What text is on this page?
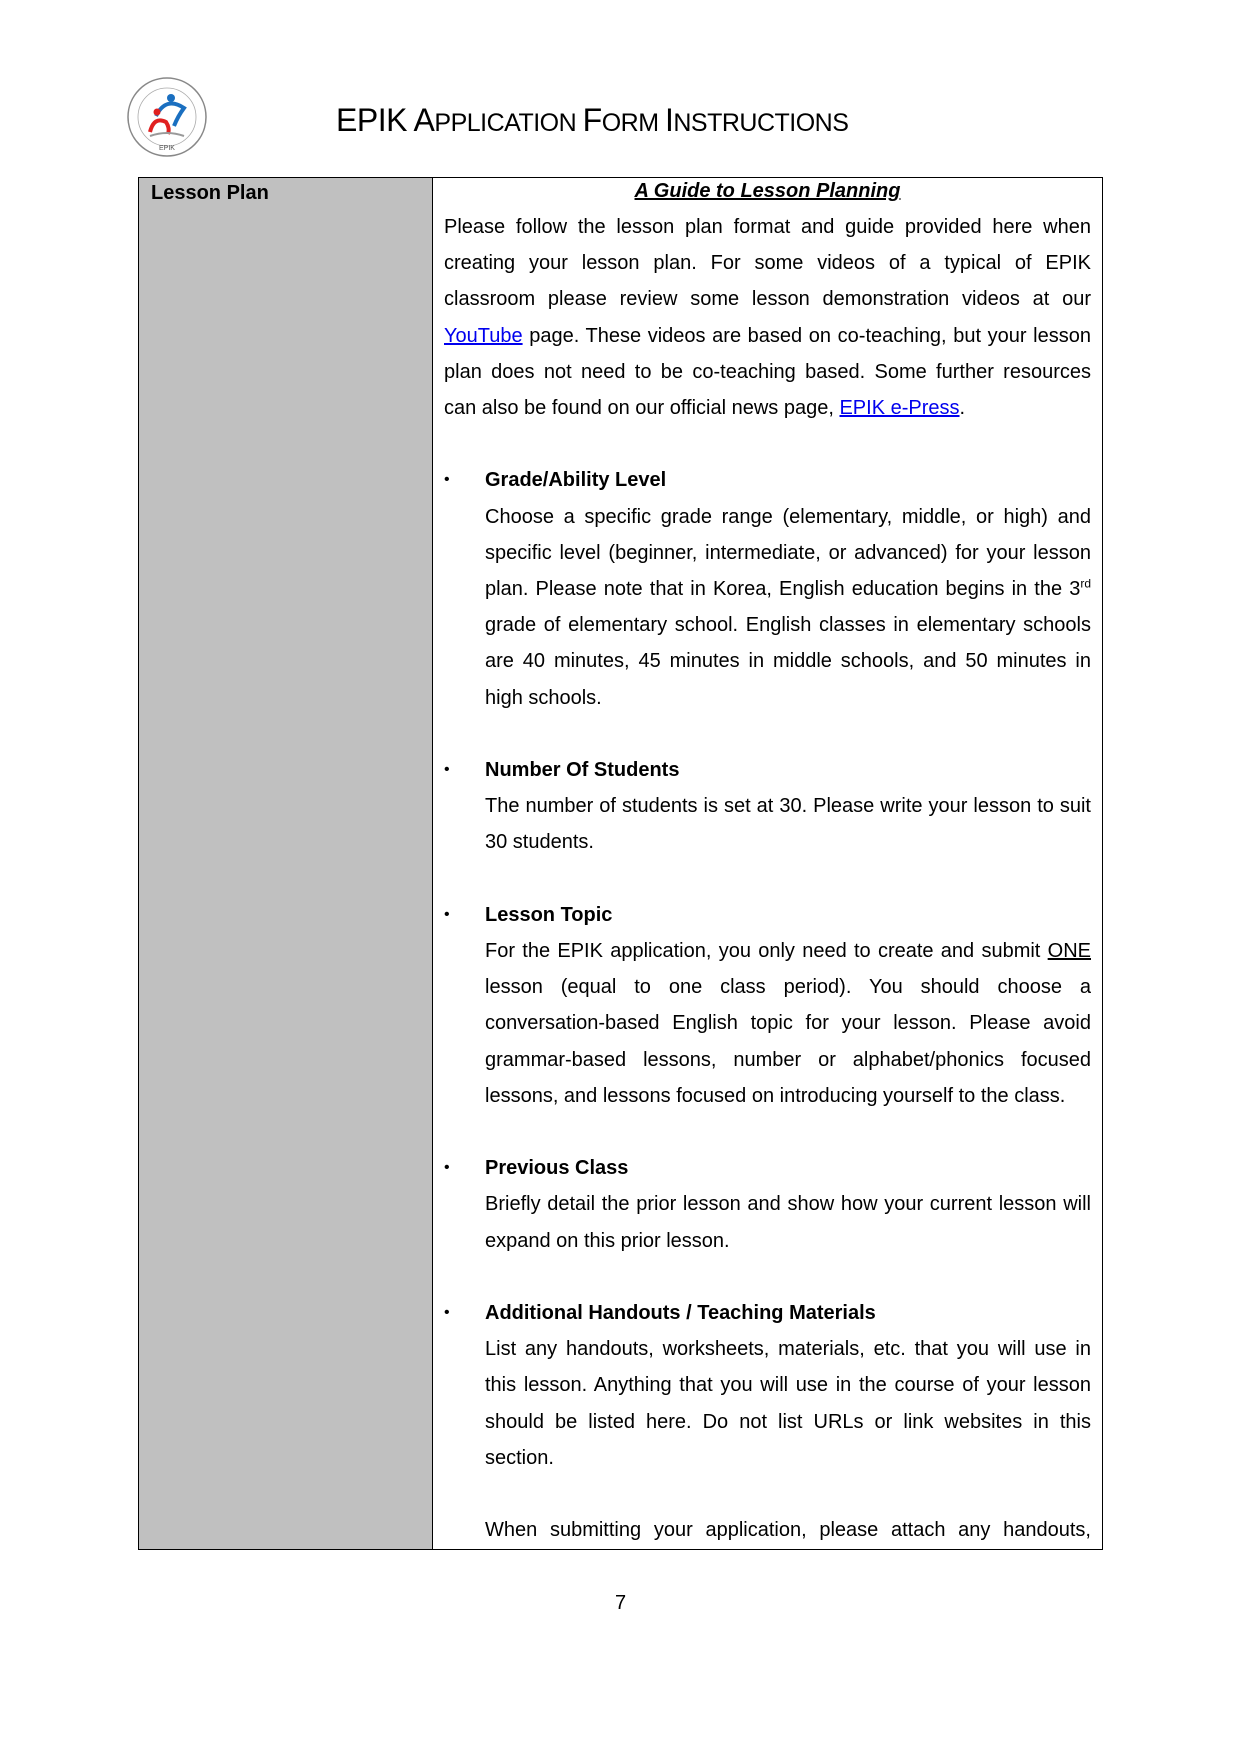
EPIK
EPIK APPLICATION FORM INSTRUCTIONS
Lesson Plan	A Guide to Lesson Planning

Please follow the lesson plan format and guide provided here when creating your lesson plan. For some videos of a typical of EPIK classroom please review some lesson demonstration videos at our YouTube page. These videos are based on co-teaching, but your lesson plan does not need to be co-teaching based. Some further resources can also be found on our official news page, EPIK e-Press.

• Grade/Ability Level

Choose a specific grade range (elementary, middle, or high) and specific level (beginner, intermediate, or advanced) for your lesson plan. Please note that in Korea, English education begins in the 3rd grade of elementary school. English classes in elementary schools are 40 minutes, 45 minutes in middle schools, and 50 minutes in high schools.

• Number Of Students

The number of students is set at 30. Please write your lesson to suit 30 students.

• Lesson Topic

For the EPIK application, you only need to create and submit ONE lesson (equal to one class period). You should choose a conversation-based English topic for your lesson. Please avoid grammar-based lessons, number or alphabet/phonics focused lessons, and lessons focused on introducing yourself to the class.

• Previous Class

Briefly detail the prior lesson and show how your current lesson will expand on this prior lesson.

• Additional Handouts / Teaching Materials

List any handouts, worksheets, materials, etc. that you will use in this lesson. Anything that you will use in the course of your lesson should be listed here. Do not list URLs or link websites in this section.

When submitting your application, please attach any handouts,

7
